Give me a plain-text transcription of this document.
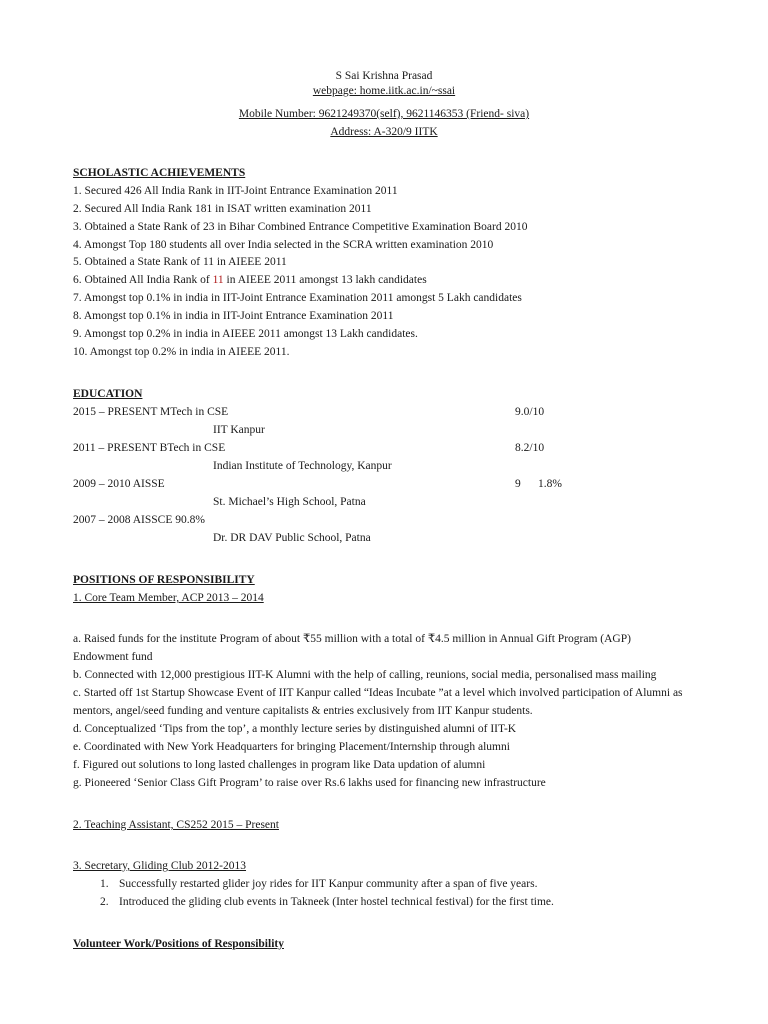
S Sai Krishna Prasad
webpage: home.iitk.ac.in/~ssai
Mobile Number: 9621249370(self), 9621146353 (Friend- siva)
Address: A-320/9 IITK
SCHOLASTIC ACHIEVEMENTS
1. Secured 426 All India Rank in IIT-Joint Entrance Examination 2011
2. Secured All India Rank 181 in ISAT written examination 2011
3. Obtained a State Rank of 23 in Bihar Combined Entrance Competitive Examination Board 2010
4. Amongst Top 180 students all over India selected in the SCRA written examination 2010
5. Obtained a State Rank of 11 in AIEEE 2011
6. Obtained All India Rank of 11 in AIEEE 2011 amongst 13 lakh candidates
7. Amongst top 0.1% in india in IIT-Joint Entrance Examination 2011 amongst 5 Lakh candidates
8. Amongst top 0.1% in india in IIT-Joint Entrance Examination 2011
9. Amongst top 0.2% in india in AIEEE 2011 amongst 13 Lakh candidates.
10. Amongst top 0.2% in india in AIEEE 2011.
EDUCATION
2015 – PRESENT MTech in CSE	9.0/10
IIT Kanpur
2011 – PRESENT BTech in CSE	8.2/10
Indian Institute of Technology, Kanpur
2009 – 2010 AISSE	9      1.8%
St. Michael’s High School, Patna
2007 – 2008 AISSCE 90.8%
Dr. DR DAV Public School, Patna
POSITIONS OF RESPONSIBILITY
1. Core Team Member, ACP 2013 – 2014
a. Raised funds for the institute Program of about ₹55 million with a total of ₹4.5 million in Annual Gift Program (AGP)
Endowment fund
b. Connected with 12,000 prestigious IIT-K Alumni with the help of calling, reunions, social media, personalised mass mailing
c. Started off 1st Startup Showcase Event of IIT Kanpur called “Ideas Incubate ”at a level which involved participation of Alumni as
mentors, angel/seed funding and venture capitalists & entries exclusively from IIT Kanpur students.
d. Conceptualized ‘Tips from the top’, a monthly lecture series by distinguished alumni of IIT-K
e. Coordinated with New York Headquarters for bringing Placement/Internship through alumni
f. Figured out solutions to long lasted challenges in program like Data updation of alumni
g. Pioneered ‘Senior Class Gift Program’ to raise over Rs.6 lakhs used for financing new infrastructure
2. Teaching Assistant, CS252 2015 – Present
3. Secretary, Gliding Club 2012-2013
1. Successfully restarted glider joy rides for IIT Kanpur community after a span of five years.
2. Introduced the gliding club events in Takneek (Inter hostel technical festival) for the first time.
Volunteer Work/Positions of Responsibility
